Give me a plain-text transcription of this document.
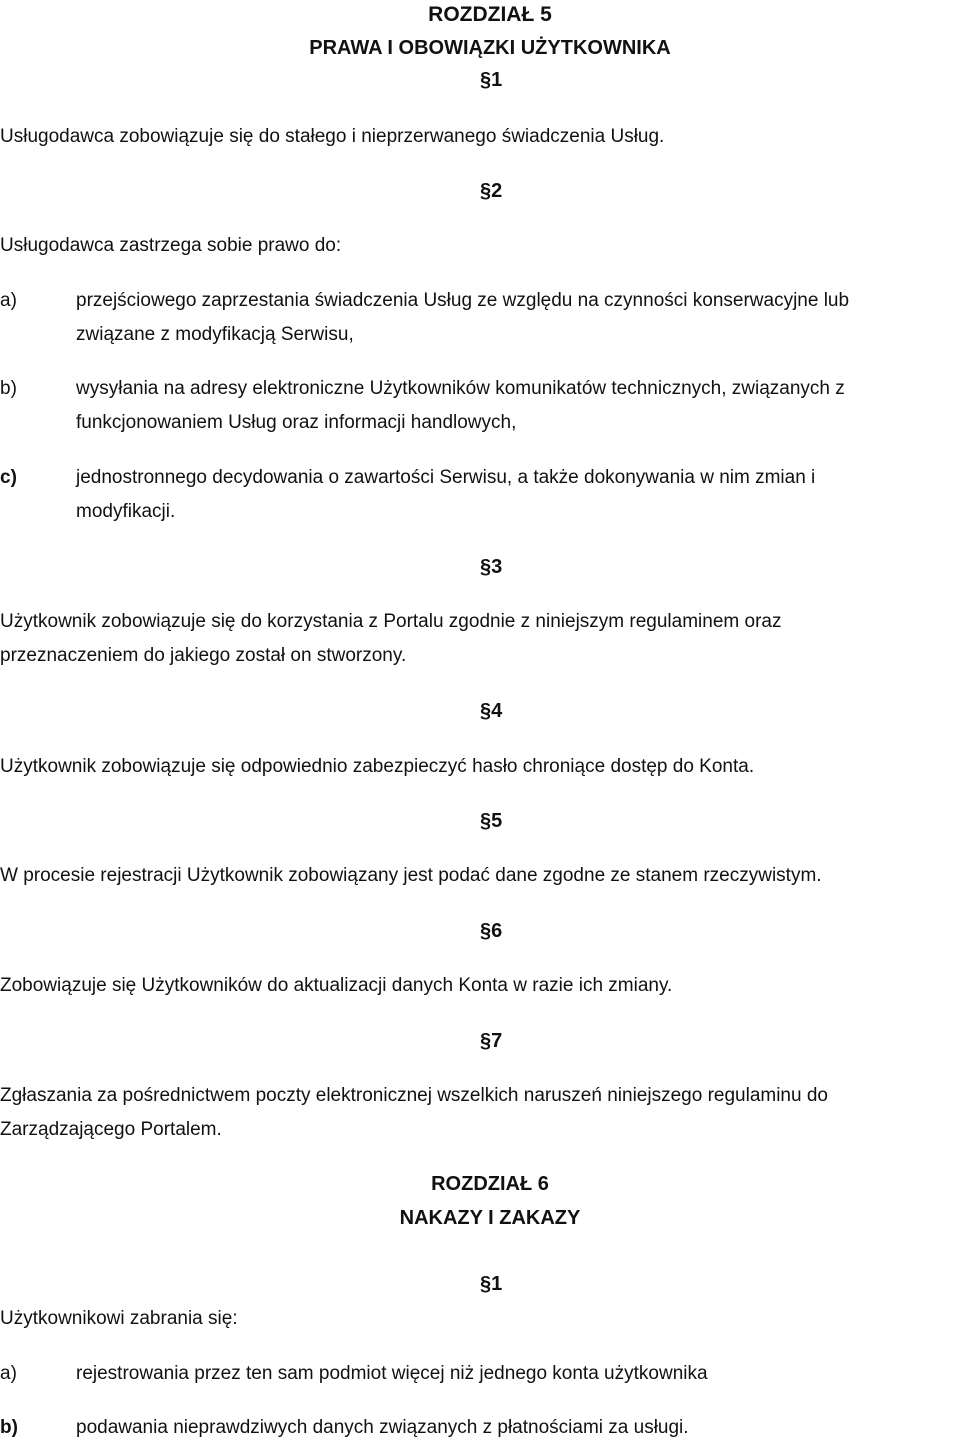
ROZDZIAŁ 5
PRAWA I OBOWIĄZKI UŻYTKOWNIKA
§1
Usługodawca zobowiązuje się do stałego i nieprzerwanego świadczenia Usług.
§2
Usługodawca zastrzega sobie prawo do:
a)	przejściowego zaprzestania świadczenia Usług ze względu na czynności konserwacyjne lub
związane z modyfikacją Serwisu,
b)	wysyłania na adresy elektroniczne Użytkowników komunikatów technicznych, związanych z
funkcjonowaniem Usług oraz informacji handlowych,
c)	jednostronnego decydowania o zawartości Serwisu, a także dokonywania w nim zmian i
modyfikacji.
§3
Użytkownik zobowiązuje się do korzystania z Portalu zgodnie z niniejszym regulaminem oraz
przeznaczeniem do jakiego został on stworzony.
§4
Użytkownik zobowiązuje się odpowiednio zabezpieczyć hasło chroniące dostęp do Konta.
§5
W procesie rejestracji Użytkownik zobowiązany jest podać dane zgodne ze stanem rzeczywistym.
§6
Zobowiązuje się Użytkowników do aktualizacji danych Konta w razie ich zmiany.
§7
Zgłaszania za pośrednictwem poczty elektronicznej wszelkich naruszeń niniejszego regulaminu do
Zarządzającego Portalem.
ROZDZIAŁ 6
NAKAZY I ZAKAZY
§1
Użytkownikowi zabrania się:
a)	rejestrowania przez ten sam podmiot więcej niż jednego konta użytkownika
b)	podawania nieprawdziwych danych związanych z płatnościami za usługi.
